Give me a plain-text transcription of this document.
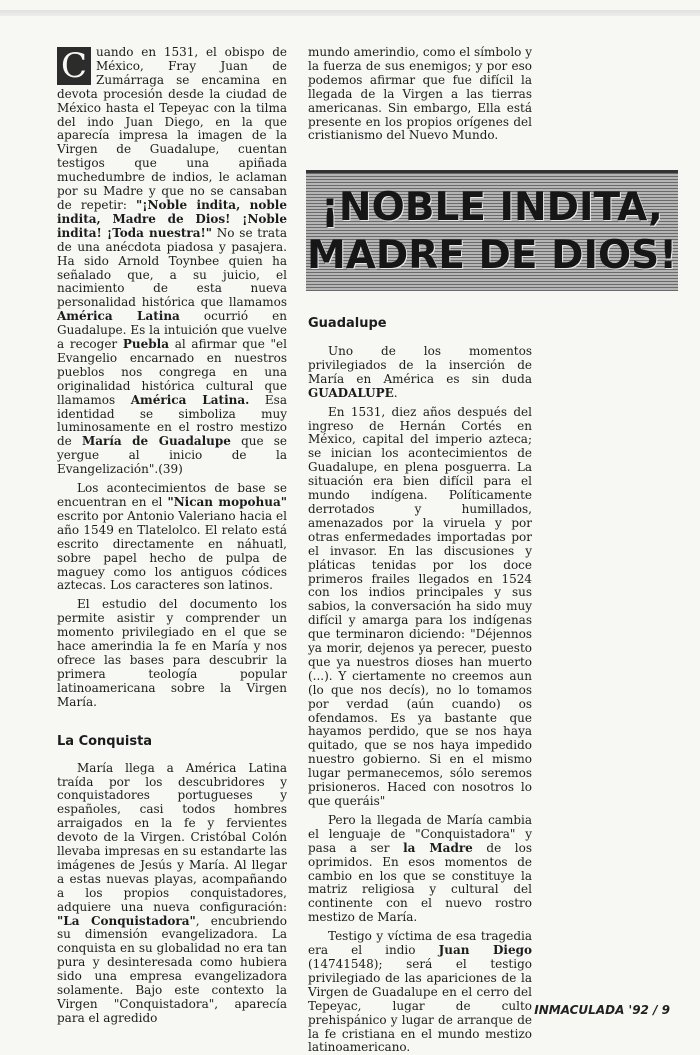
C uando en 1531, el obispo de México, Fray Juan de Zumárraga se encamina en devota procesión desde la ciudad de México hasta el Tepeyac con la tilma del indo Juan Diego, en la que aparecía impresa la imagen de la Virgen de Guadalupe, cuentan testigos que una apiñada muchedumbre de indios, le aclaman por su Madre y que no se cansaban de repetir: "¡Noble indita, noble indita, Madre de Dios! ¡Noble indita! ¡Toda nuestra!" No se trata de una anécdota piadosa y pasajera. Ha sido Arnold Toynbee quien ha señalado que, a su juicio, el nacimiento de esta nueva personalidad histórica que llamamos América Latina ocurrió en Guadalupe. Es la intuición que vuelve a recoger Puebla al afirmar que "el Evangelio encarnado en nuestros pueblos nos congrega en una originalidad histórica cultural que llamamos América Latina. Esa identidad se simboliza muy luminosamente en el rostro mestizo de María de Guadalupe que se yergue al inicio de la Evangelización".(39)

Los acontecimientos de base se encuentran en el "Nican mopohua" escrito por Antonio Valeriano hacia el año 1549 en Tlatelolco. El relato está escrito directamente en náhuatl, sobre papel hecho de pulpa de maguey como los antiguos códices aztecas. Los caracteres son latinos.

El estudio del documento los permite asistir y comprender un momento privilegiado en el que se hace amerindia la fe en María y nos ofrece las bases para descubrir la primera teología popular latinoamericana sobre la Virgen María.

La Conquista

María llega a América Latina traída por los descubridores y conquistadores portugueses y españoles, casi todos hombres arraigados en la fe y fervientes devoto de la Virgen. Cristóbal Colón llevaba impresas en su estandarte las imágenes de Jesús y María. Al llegar a estas nuevas playas, acompañando a los propios conquistadores, adquiere una nueva configuración: "La Conquistadora", encubriendo su dimensión evangelizadora. La conquista en su globalidad no era tan pura y desinteresada como hubiera sido una empresa evangelizadora solamente. Bajo este contexto la Virgen "Conquistadora", aparecía para el agredido

mundo amerindio, como el símbolo y la fuerza de sus enemigos; y por eso podemos afirmar que fue difícil la llegada de la Virgen a las tierras americanas. Sin embargo, Ella está presente en los propios orígenes del cristianismo del Nuevo Mundo.

¡NOBLE INDITA,
MADRE DE DIOS!
Guadalupe

Uno de los momentos privilegiados de la inserción de María en América es sin duda GUADALUPE.

En 1531, diez años después del ingreso de Hernán Cortés en México, capital del imperio azteca; se inician los acontecimientos de Guadalupe, en plena posguerra. La situación era bien difícil para el mundo indígena. Políticamente derrotados y humillados, amenazados por la viruela y por otras enfermedades importadas por el invasor. En las discusiones y pláticas tenidas por los doce primeros frailes llegados en 1524 con los indios principales y sus sabios, la conversación ha sido muy difícil y amarga para los indígenas que terminaron diciendo: "Déjennos ya morir, dejenos ya perecer, puesto que ya nuestros dioses han muerto (...). Y ciertamente no creemos aun (lo que nos decís), no lo tomamos por verdad (aún cuando) os ofendamos. Es ya bastante que hayamos perdido, que se nos haya quitado, que se nos haya impedido nuestro gobierno. Si en el mismo lugar permanecemos, sólo seremos prisioneros. Haced con nosotros lo que queráis"

Pero la llegada de María cambia el lenguaje de "Conquistadora" y pasa a ser la Madre de los oprimidos. En esos momentos de cambio en los que se constituye la matriz religiosa y cultural del continente con el nuevo rostro mestizo de María.

Testigo y víctima de esa tragedia era el indio Juan Diego (14741548); será el testigo privilegiado de las apariciones de la Virgen de Guadalupe en el cerro del Tepeyac, lugar de culto prehispánico y lugar de arranque de la fe cristiana en el mundo mestizo latinoamericano.

INMACULADA '92 / 9
